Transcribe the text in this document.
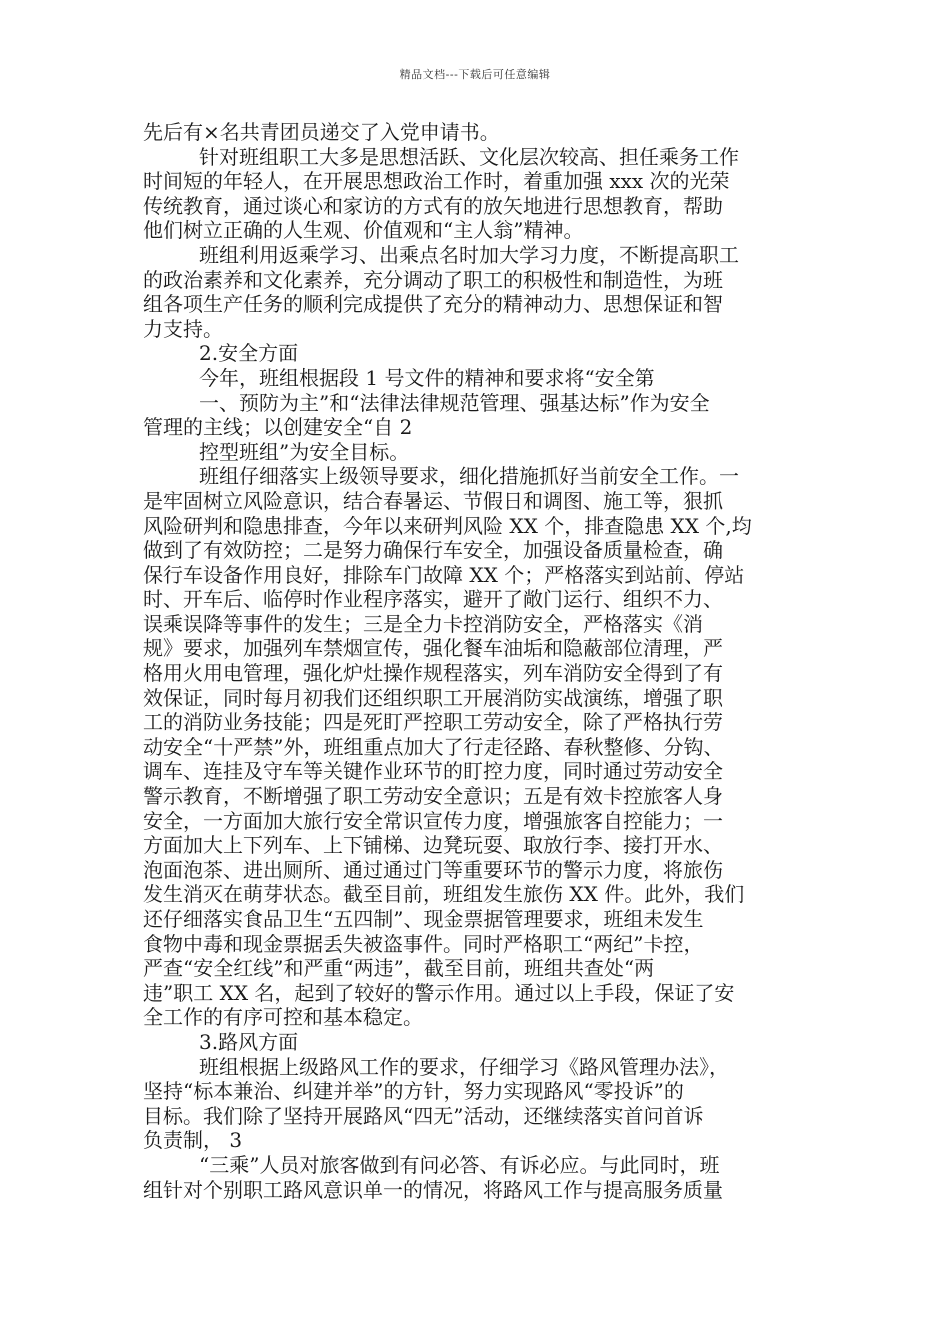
精品文档---下载后可任意编辑
先后有×名共青团员递交了入党申请书。
针对班组职工大多是思想活跃、文化层次较高、担任乘务工作
时间短的年轻人，在开展思想政治工作时，着重加强 xxx 次的光荣
传统教育，通过谈心和家访的方式有的放矢地进行思想教育，帮助
他们树立正确的人生观、价值观和“主人翁”精神。
班组利用返乘学习、出乘点名时加大学习力度，不断提高职工
的政治素养和文化素养，充分调动了职工的积极性和制造性，为班
组各项生产任务的顺利完成提供了充分的精神动力、思想保证和智
力支持。
2.安全方面
今年，班组根据段 1 号文件的精神和要求将“安全第
一、预防为主”和“法律法律规范管理、强基达标”作为安全
管理的主线；以创建安全“自 2
控型班组”为安全目标。
班组仔细落实上级领导要求，细化措施抓好当前安全工作。一
是牢固树立风险意识，结合春暑运、节假日和调图、施工等，狠抓
风险研判和隐患排查，今年以来研判风险 XX 个，排查隐患 XX 个,均
做到了有效防控；二是努力确保行车安全，加强设备质量检查，确
保行车设备作用良好，排除车门故障 XX 个；严格落实到站前、停站
时、开车后、临停时作业程序落实，避开了敞门运行、组织不力、
误乘误降等事件的发生；三是全力卡控消防安全，严格落实《消
规》要求，加强列车禁烟宣传，强化餐车油垢和隐蔽部位清理，严
格用火用电管理，强化炉灶操作规程落实，列车消防安全得到了有
效保证，同时每月初我们还组织职工开展消防实战演练，增强了职
工的消防业务技能；四是死盯严控职工劳动安全，除了严格执行劳
动安全“十严禁”外，班组重点加大了行走径路、春秋整修、分钩、
调车、连挂及守车等关键作业环节的盯控力度，同时通过劳动安全
警示教育，不断增强了职工劳动安全意识；五是有效卡控旅客人身
安全，一方面加大旅行安全常识宣传力度，增强旅客自控能力；一
方面加大上下列车、上下铺梯、边凳玩耍、取放行李、接打开水、
泡面泡茶、进出厕所、通过通过门等重要环节的警示力度，将旅伤
发生消灭在萌芽状态。截至目前，班组发生旅伤 XX 件。此外，我们
还仔细落实食品卫生“五四制”、现金票据管理要求，班组未发生
食物中毒和现金票据丢失被盗事件。同时严格职工“两纪”卡控，
严查“安全红线”和严重“两违”，截至目前，班组共查处“两
违”职工 XX 名，起到了较好的警示作用。通过以上手段，保证了安
全工作的有序可控和基本稳定。
3.路风方面
班组根据上级路风工作的要求，仔细学习《路风管理办法》，
坚持“标本兼治、纠建并举”的方针，努力实现路风“零投诉”的
目标。我们除了坚持开展路风“四无”活动，还继续落实首问首诉
负责制， 3
“三乘”人员对旅客做到有问必答、有诉必应。与此同时，班
组针对个别职工路风意识单一的情况，将路风工作与提高服务质量
